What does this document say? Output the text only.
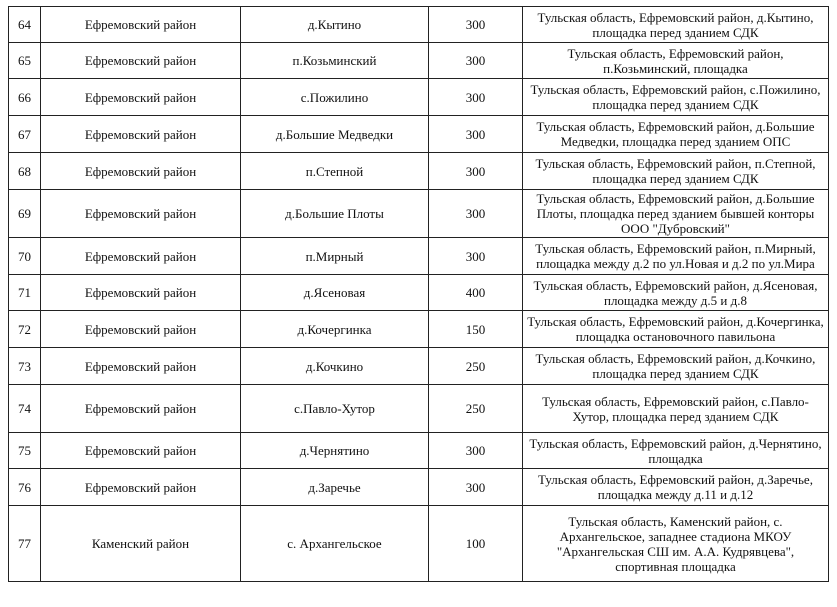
64	Ефремовский район	д.Кытино	300	Тульская область, Ефремовский район, д.Кытино, площадка перед зданием СДК
65	Ефремовский район	п.Козьминский	300	Тульская область, Ефремовский район, п.Козьминский, площадка
66	Ефремовский район	с.Пожилино	300	Тульская область, Ефремовский район, с.Пожилино, площадка перед зданием СДК
67	Ефремовский район	д.Большие Медведки	300	Тульская область, Ефремовский район, д.Большие Медведки, площадка перед зданием ОПС
68	Ефремовский район	п.Степной	300	Тульская область, Ефремовский район, п.Степной, площадка перед зданием СДК
69	Ефремовский район	д.Большие Плоты	300	Тульская область, Ефремовский район, д.Большие Плоты, площадка перед зданием бывшей конторы ООО "Дубровский"
70	Ефремовский район	п.Мирный	300	Тульская область, Ефремовский район, п.Мирный, площадка между д.2 по ул.Новая и д.2 по ул.Мира
71	Ефремовский район	д.Ясеновая	400	Тульская область, Ефремовский район, д.Ясеновая, площадка между д.5 и д.8
72	Ефремовский район	д.Кочергинка	150	Тульская область, Ефремовский район, д.Кочергинка, площадка остановочного павильона
73	Ефремовский район	д.Кочкино	250	Тульская область, Ефремовский район, д.Кочкино, площадка перед зданием СДК
74	Ефремовский район	с.Павло-Хутор	250	Тульская область, Ефремовский район, с.Павло-Хутор, площадка перед зданием СДК
75	Ефремовский район	д.Чернятино	300	Тульская область, Ефремовский район, д.Чернятино, площадка
76	Ефремовский район	д.Заречье	300	Тульская область, Ефремовский район, д.Заречье, площадка между д.11 и д.12
77	Каменский район	с. Архангельское	100	Тульская область, Каменский район, с. Архангельское, западнее стадиона МКОУ "Архангельская СШ им. А.А. Кудрявцева", спортивная площадка
